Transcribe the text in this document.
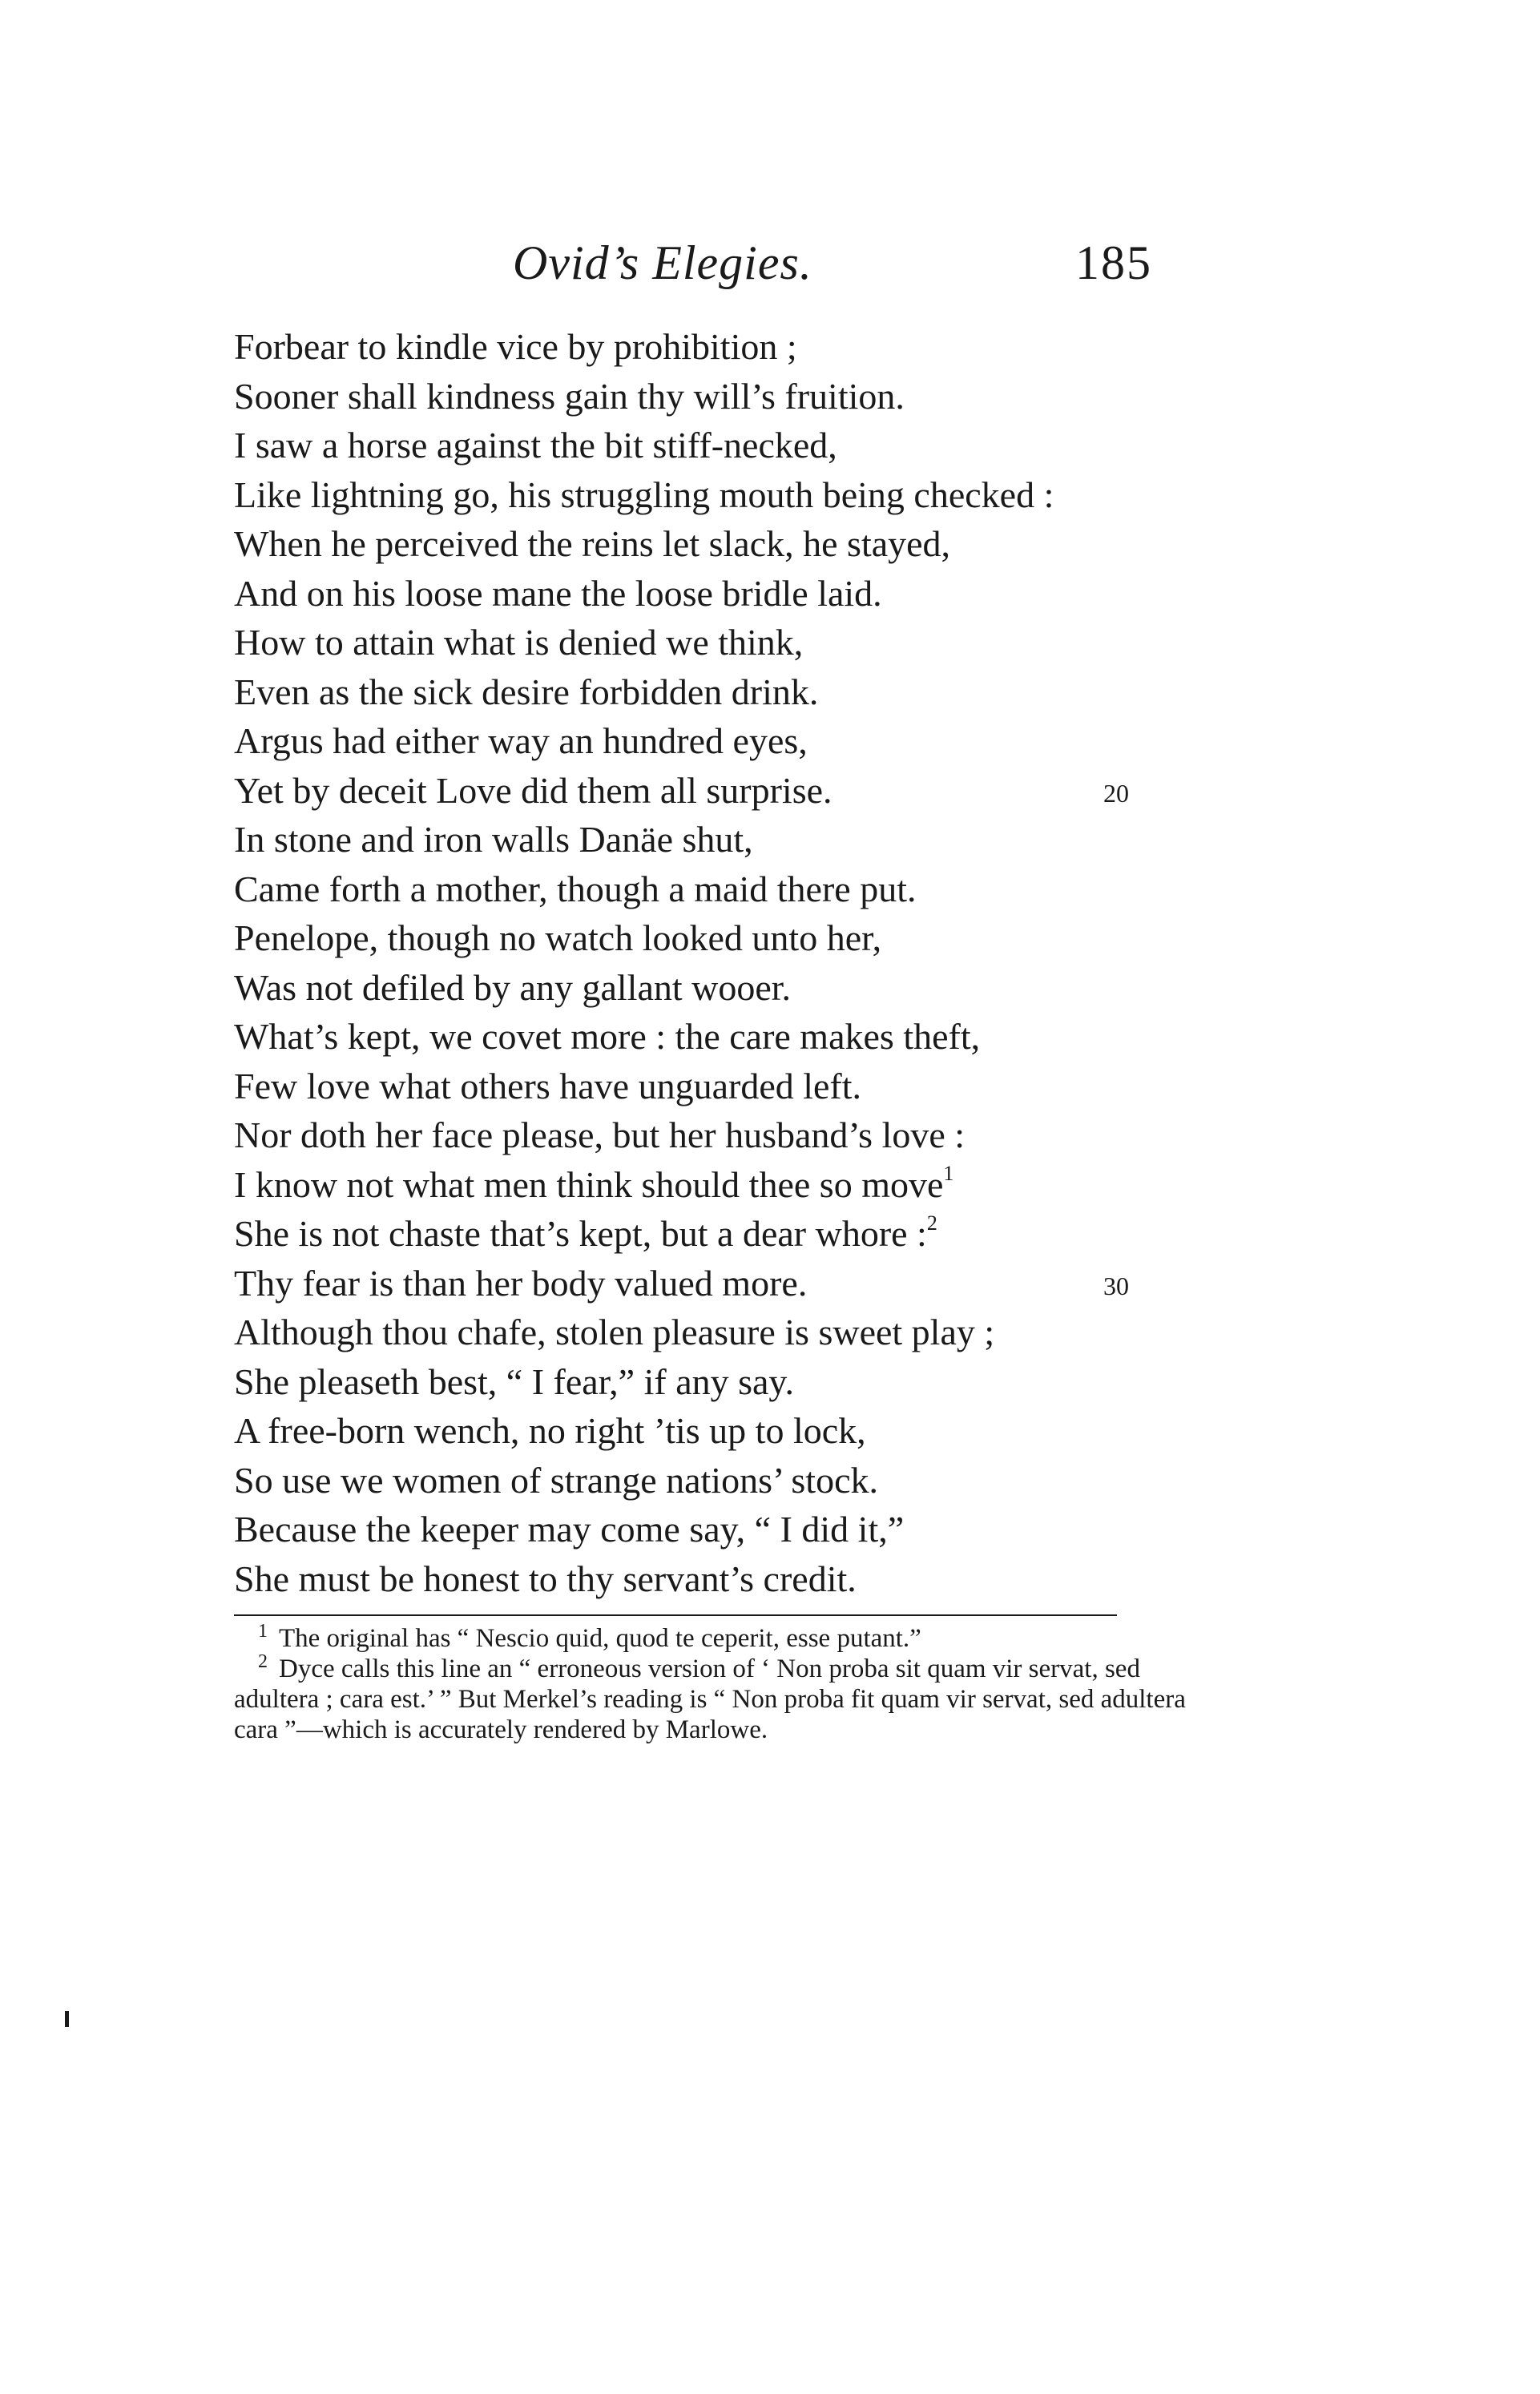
Ovid’s Elegies.	185
Forbear to kindle vice by prohibition ;
Sooner shall kindness gain thy will’s fruition.
I saw a horse against the bit stiff-necked,
Like lightning go, his struggling mouth being checked :
When he perceived the reins let slack, he stayed,
And on his loose mane the loose bridle laid.
How to attain what is denied we think,
Even as the sick desire forbidden drink.
Argus had either way an hundred eyes,
Yet by deceit Love did them all surprise.	20
In stone and iron walls Danäe shut,
Came forth a mother, though a maid there put.
Penelope, though no watch looked unto her,
Was not defiled by any gallant wooer.
What’s kept, we covet more : the care makes theft,
Few love what others have unguarded left.
Nor doth her face please, but her husband’s love :
I know not what men think should thee so move$^1$
She is not chaste that’s kept, but a dear whore :$^2$
Thy fear is than her body valued more.	30
Although thou chafe, stolen pleasure is sweet play ;
She pleaseth best, “ I fear,” if any say.
A free-born wench, no right ’tis up to lock,
So use we women of strange nations’ stock.
Because the keeper may come say, “ I did it,”
She must be honest to thy servant’s credit.

$^1$ The original has “ Nescio quid, quod te ceperit, esse putant.”

$^2$ Dyce calls this line an “ erroneous version of ‘ Non proba sit quam vir servat, sed adultera ; cara est.’ ” But Merkel’s reading is “ Non proba fit quam vir servat, sed adultera cara ”—which is accurately rendered by Marlowe.
